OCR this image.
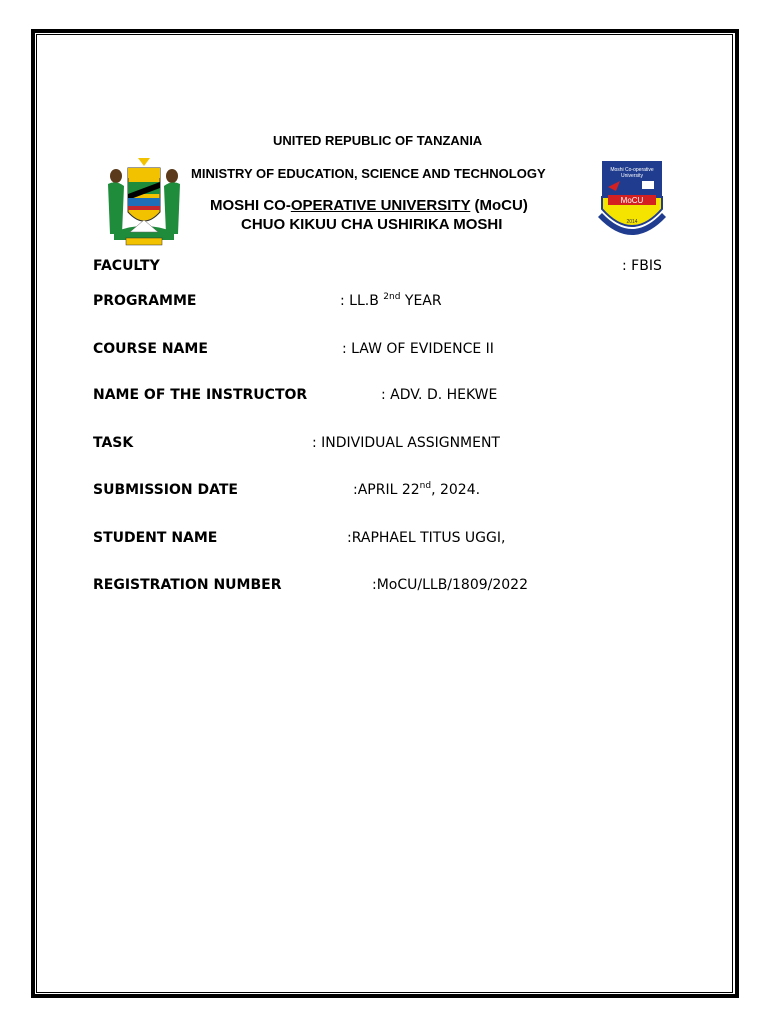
MoCU
Moshi Co-operative
University
2014
UNITED REPUBLIC OF TANZANIA
MINISTRY OF EDUCATION, SCIENCE AND TECHNOLOGY
MOSHI CO-OPERATIVE UNIVERSITY (MoCU)
CHUO KIKUU CHA USHIRIKA MOSHI
FACULTY	: FBIS
PROGRAMME	: LL.B $^{2nd}$ YEAR
COURSE NAME	: LAW OF EVIDENCE II
NAME OF THE INSTRUCTOR	: ADV. D. HEKWE
TASK	: INDIVIDUAL ASSIGNMENT
SUBMISSION DATE	:APRIL 22nd, 2024.
STUDENT NAME	:RAPHAEL TITUS UGGI,
REGISTRATION NUMBER	:MoCU/LLB/1809/2022
